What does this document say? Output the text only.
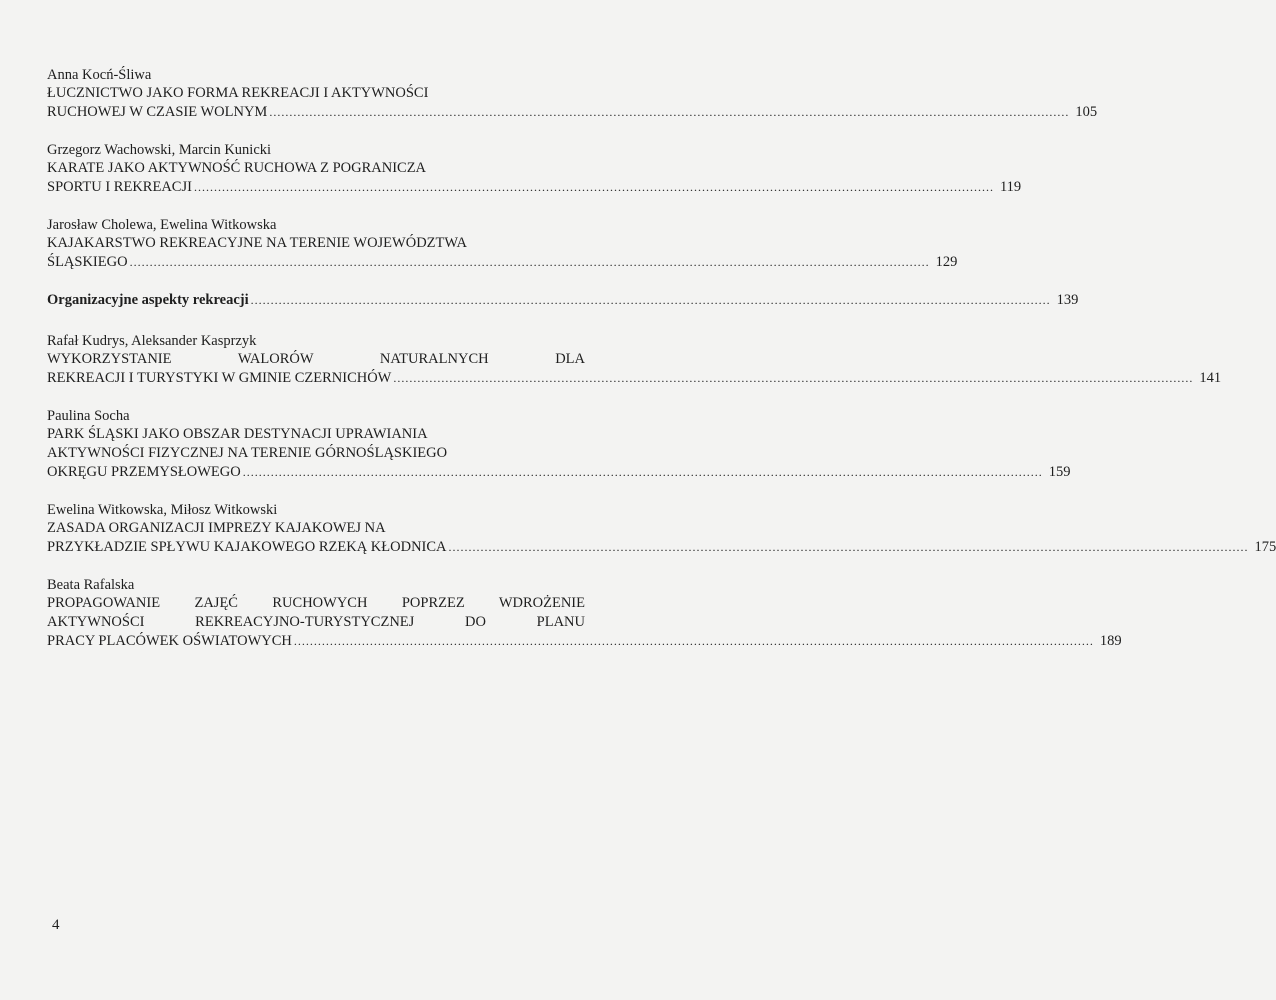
Anna Kocń-Śliwa
ŁUCZNICTWO JAKO FORMA REKREACJI I AKTYWNOŚCI
RUCHOWEJ W CZASIE WOLNYM ........................................................................................................................................................................................................ 105
Grzegorz Wachowski, Marcin Kunicki
KARATE JAKO AKTYWNOŚĆ RUCHOWA Z POGRANICZA
SPORTU I REKREACJI ........................................................................................................................................................................................................ 119
Jarosław Cholewa, Ewelina Witkowska
KAJAKARSTWO REKREACYJNE NA TERENIE WOJEWÓDZTWA
ŚLĄSKIEGO ........................................................................................................................................................................................................ 129
Organizacyjne aspekty rekreacji ........................................................................................................................................................................................................ 139
Rafał Kudrys, Aleksander Kasprzyk
WYKORZYSTANIE WALORÓW NATURALNYCH DLA
REKREACJI I TURYSTYKI W GMINIE CZERNICHÓW ........................................................................................................................................................................................................ 141
Paulina Socha
PARK ŚLĄSKI JAKO OBSZAR DESTYNACJI UPRAWIANIA
AKTYWNOŚCI FIZYCZNEJ NA TERENIE GÓRNOŚLĄSKIEGO
OKRĘGU PRZEMYSŁOWEGO ........................................................................................................................................................................................................ 159
Ewelina Witkowska, Miłosz Witkowski
ZASADA ORGANIZACJI IMPREZY KAJAKOWEJ NA
PRZYKŁADZIE SPŁYWU KAJAKOWEGO RZEKĄ KŁODNICA ........................................................................................................................................................................................................ 175
Beata Rafalska
PROPAGOWANIE ZAJĘĆ RUCHOWYCH POPRZEZ WDROŻENIE
AKTYWNOŚCI REKREACYJNO-TURYSTYCZNEJ DO PLANU
PRACY PLACÓWEK OŚWIATOWYCH ........................................................................................................................................................................................................ 189
4
